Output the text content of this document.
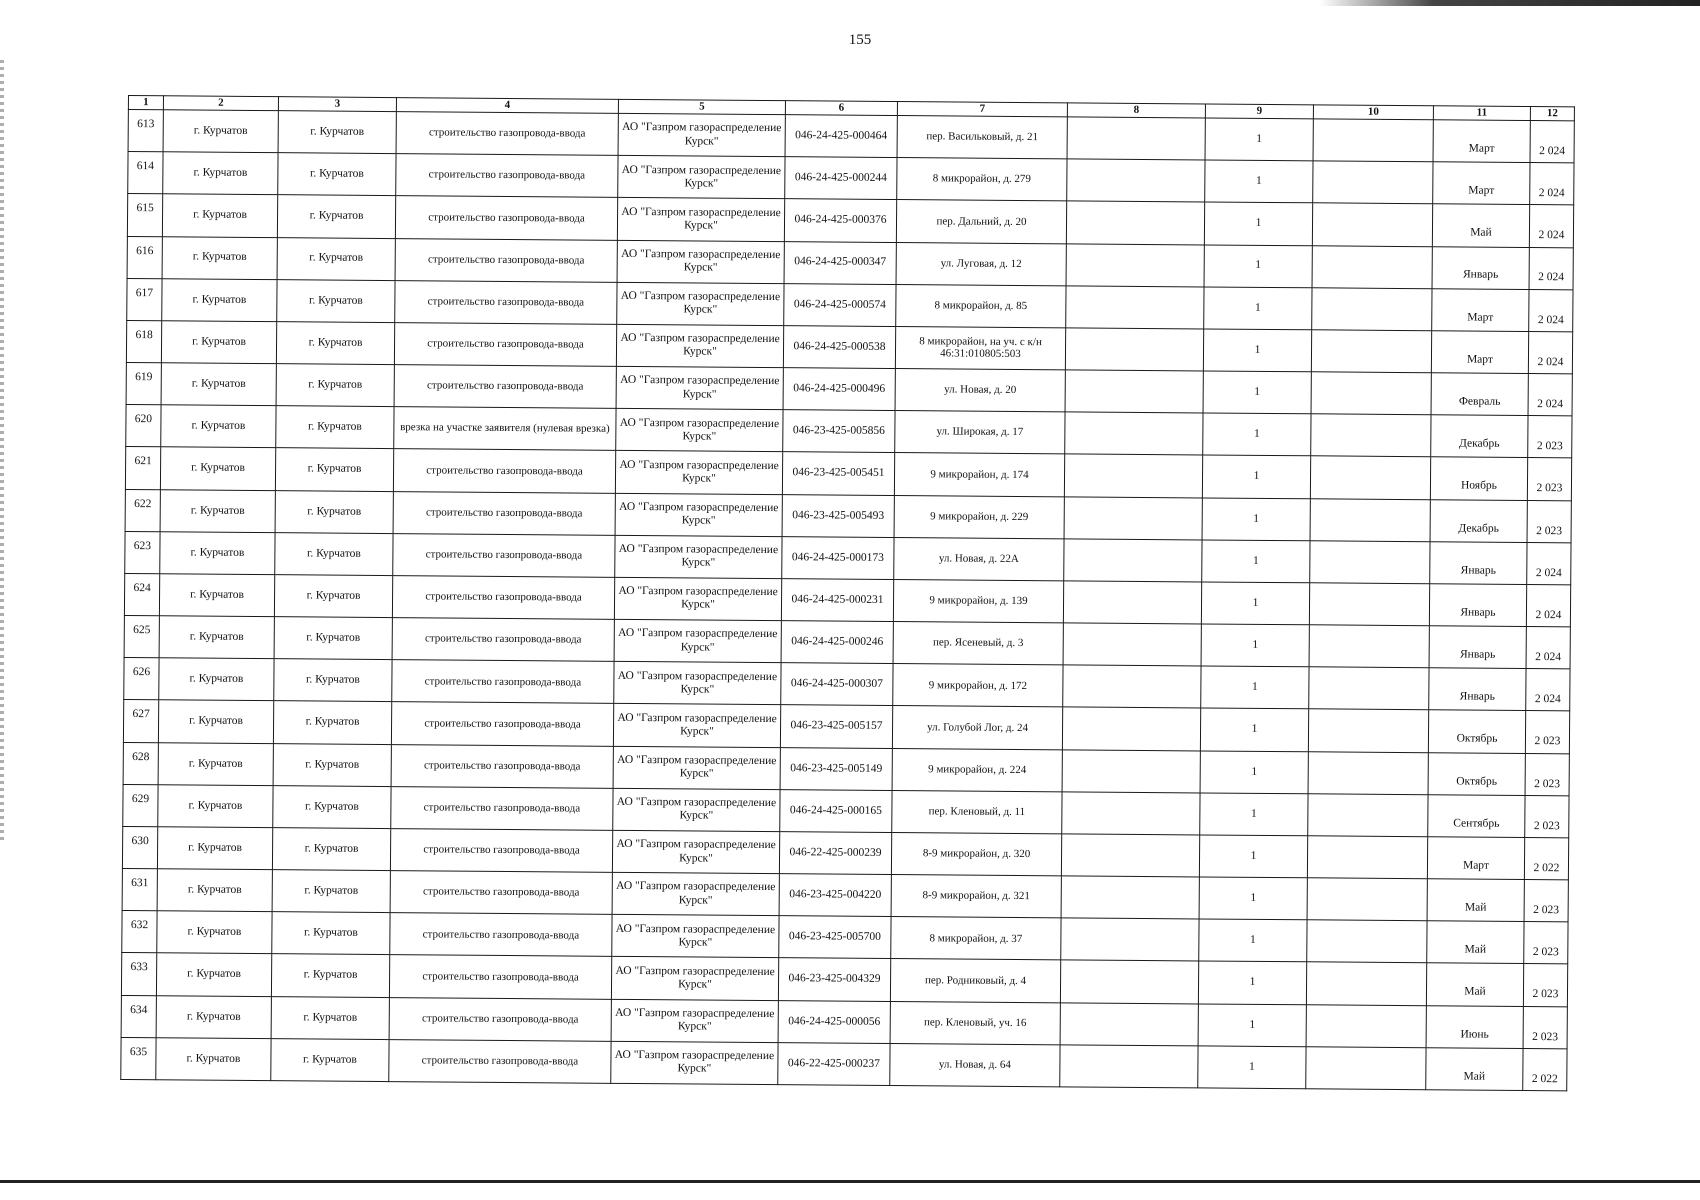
155
1	2	3	4	5	6	7	8	9	10	11	12
613	г. Курчатов	г. Курчатов	строительство газопровода-ввода	АО "Газпром газораспределение Курск"	046-24-425-000464	пер. Васильковый, д. 21		1		Март	2 024
614	г. Курчатов	г. Курчатов	строительство газопровода-ввода	АО "Газпром газораспределение Курск"	046-24-425-000244	8 микрорайон, д. 279		1		Март	2 024
615	г. Курчатов	г. Курчатов	строительство газопровода-ввода	АО "Газпром газораспределение Курск"	046-24-425-000376	пер. Дальний, д. 20		1		Май	2 024
616	г. Курчатов	г. Курчатов	строительство газопровода-ввода	АО "Газпром газораспределение Курск"	046-24-425-000347	ул. Луговая, д. 12		1		Январь	2 024
617	г. Курчатов	г. Курчатов	строительство газопровода-ввода	АО "Газпром газораспределение Курск"	046-24-425-000574	8 микрорайон, д. 85		1		Март	2 024
618	г. Курчатов	г. Курчатов	строительство газопровода-ввода	АО "Газпром газораспределение Курск"	046-24-425-000538	8 микрорайон, на уч. с к/н 46:31:010805:503		1		Март	2 024
619	г. Курчатов	г. Курчатов	строительство газопровода-ввода	АО "Газпром газораспределение Курск"	046-24-425-000496	ул. Новая, д. 20		1		Февраль	2 024
620	г. Курчатов	г. Курчатов	врезка на участке заявителя (нулевая врезка)	АО "Газпром газораспределение Курск"	046-23-425-005856	ул. Широкая, д. 17		1		Декабрь	2 023
621	г. Курчатов	г. Курчатов	строительство газопровода-ввода	АО "Газпром газораспределение Курск"	046-23-425-005451	9 микрорайон, д. 174		1		Ноябрь	2 023
622	г. Курчатов	г. Курчатов	строительство газопровода-ввода	АО "Газпром газораспределение Курск"	046-23-425-005493	9 микрорайон, д. 229		1		Декабрь	2 023
623	г. Курчатов	г. Курчатов	строительство газопровода-ввода	АО "Газпром газораспределение Курск"	046-24-425-000173	ул. Новая, д. 22А		1		Январь	2 024
624	г. Курчатов	г. Курчатов	строительство газопровода-ввода	АО "Газпром газораспределение Курск"	046-24-425-000231	9 микрорайон, д. 139		1		Январь	2 024
625	г. Курчатов	г. Курчатов	строительство газопровода-ввода	АО "Газпром газораспределение Курск"	046-24-425-000246	пер. Ясеневый, д. 3		1		Январь	2 024
626	г. Курчатов	г. Курчатов	строительство газопровода-ввода	АО "Газпром газораспределение Курск"	046-24-425-000307	9 микрорайон, д. 172		1		Январь	2 024
627	г. Курчатов	г. Курчатов	строительство газопровода-ввода	АО "Газпром газораспределение Курск"	046-23-425-005157	ул. Голубой Лог, д. 24		1		Октябрь	2 023
628	г. Курчатов	г. Курчатов	строительство газопровода-ввода	АО "Газпром газораспределение Курск"	046-23-425-005149	9 микрорайон, д. 224		1		Октябрь	2 023
629	г. Курчатов	г. Курчатов	строительство газопровода-ввода	АО "Газпром газораспределение Курск"	046-24-425-000165	пер. Кленовый, д. 11		1		Сентябрь	2 023
630	г. Курчатов	г. Курчатов	строительство газопровода-ввода	АО "Газпром газораспределение Курск"	046-22-425-000239	8-9 микрорайон, д. 320		1		Март	2 022
631	г. Курчатов	г. Курчатов	строительство газопровода-ввода	АО "Газпром газораспределение Курск"	046-23-425-004220	8-9 микрорайон, д. 321		1		Май	2 023
632	г. Курчатов	г. Курчатов	строительство газопровода-ввода	АО "Газпром газораспределение Курск"	046-23-425-005700	8 микрорайон, д. 37		1		Май	2 023
633	г. Курчатов	г. Курчатов	строительство газопровода-ввода	АО "Газпром газораспределение Курск"	046-23-425-004329	пер. Родниковый, д. 4		1		Май	2 023
634	г. Курчатов	г. Курчатов	строительство газопровода-ввода	АО "Газпром газораспределение Курск"	046-24-425-000056	пер. Кленовый, уч. 16		1		Июнь	2 023
635	г. Курчатов	г. Курчатов	строительство газопровода-ввода	АО "Газпром газораспределение Курск"	046-22-425-000237	ул. Новая, д. 64		1		Май	2 022
